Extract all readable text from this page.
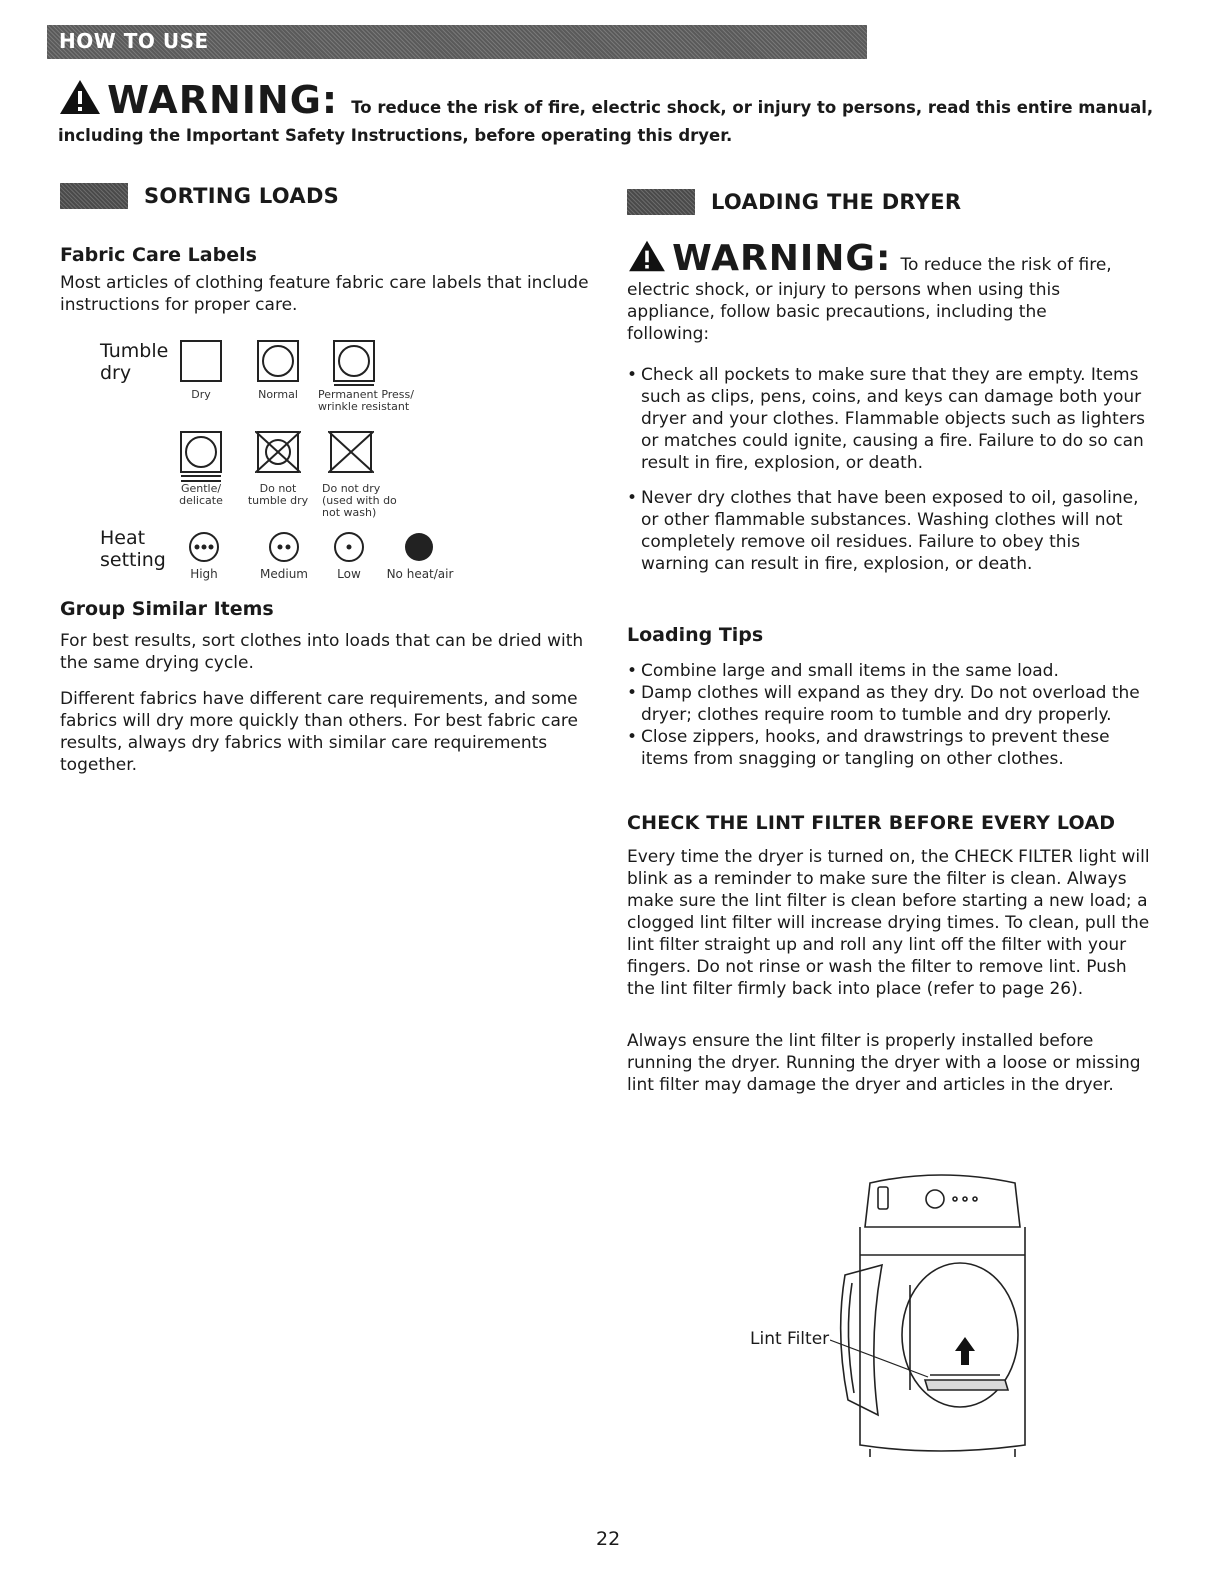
HOW TO USE
WARNING: To reduce the risk of fire, electric shock, or injury to persons, read this entire manual,
including the Important Safety Instructions, before operating this dryer.
SORTING LOADS
Fabric Care Labels
Most articles of clothing feature fabric care labels that include instructions for proper care.
Tumble dry
Dry	Normal	Permanent Press/ wrinkle resistant
Gentle/ delicate
Do not tumble dry
Do not dry (used with do not wash)
Heat setting
High	Medium	Low	No heat/air
Group Similar Items
For best results, sort clothes into loads that can be dried with the same drying cycle.
Different fabrics have different care requirements, and some fabrics will dry more quickly than others. For best fabric care results, always dry fabrics with similar care requirements together.
LOADING THE DRYER
WARNING: To reduce the risk of fire,
electric shock, or injury to persons when using this appliance, follow basic precautions, including the following:

• Check all pockets to make sure that they are empty. Items such as clips, pens, coins, and keys can damage both your dryer and your clothes. Flammable objects such as lighters or matches could ignite, causing a fire. Failure to do so can result in fire, explosion, or death.

• Never dry clothes that have been exposed to oil, gasoline, or other flammable substances. Washing clothes will not completely remove oil residues. Failure to obey this warning can result in fire, explosion, or death.

Loading Tips

• Combine large and small items in the same load.

• Damp clothes will expand as they dry. Do not overload the dryer; clothes require room to tumble and dry properly.

• Close zippers, hooks, and drawstrings to prevent these items from snagging or tangling on other clothes.

CHECK THE LINT FILTER BEFORE EVERY LOAD
Every time the dryer is turned on, the CHECK FILTER light will blink as a reminder to make sure the filter is clean. Always make sure the lint filter is clean before starting a new load; a clogged lint filter will increase drying times. To clean, pull the lint filter straight up and roll any lint off the filter with your fingers. Do not rinse or wash the filter to remove lint. Push the lint filter firmly back into place (refer to page 26).
Always ensure the lint filter is properly installed before running the dryer. Running the dryer with a loose or missing lint filter may damage the dryer and articles in the dryer.
Lint Filter
22
